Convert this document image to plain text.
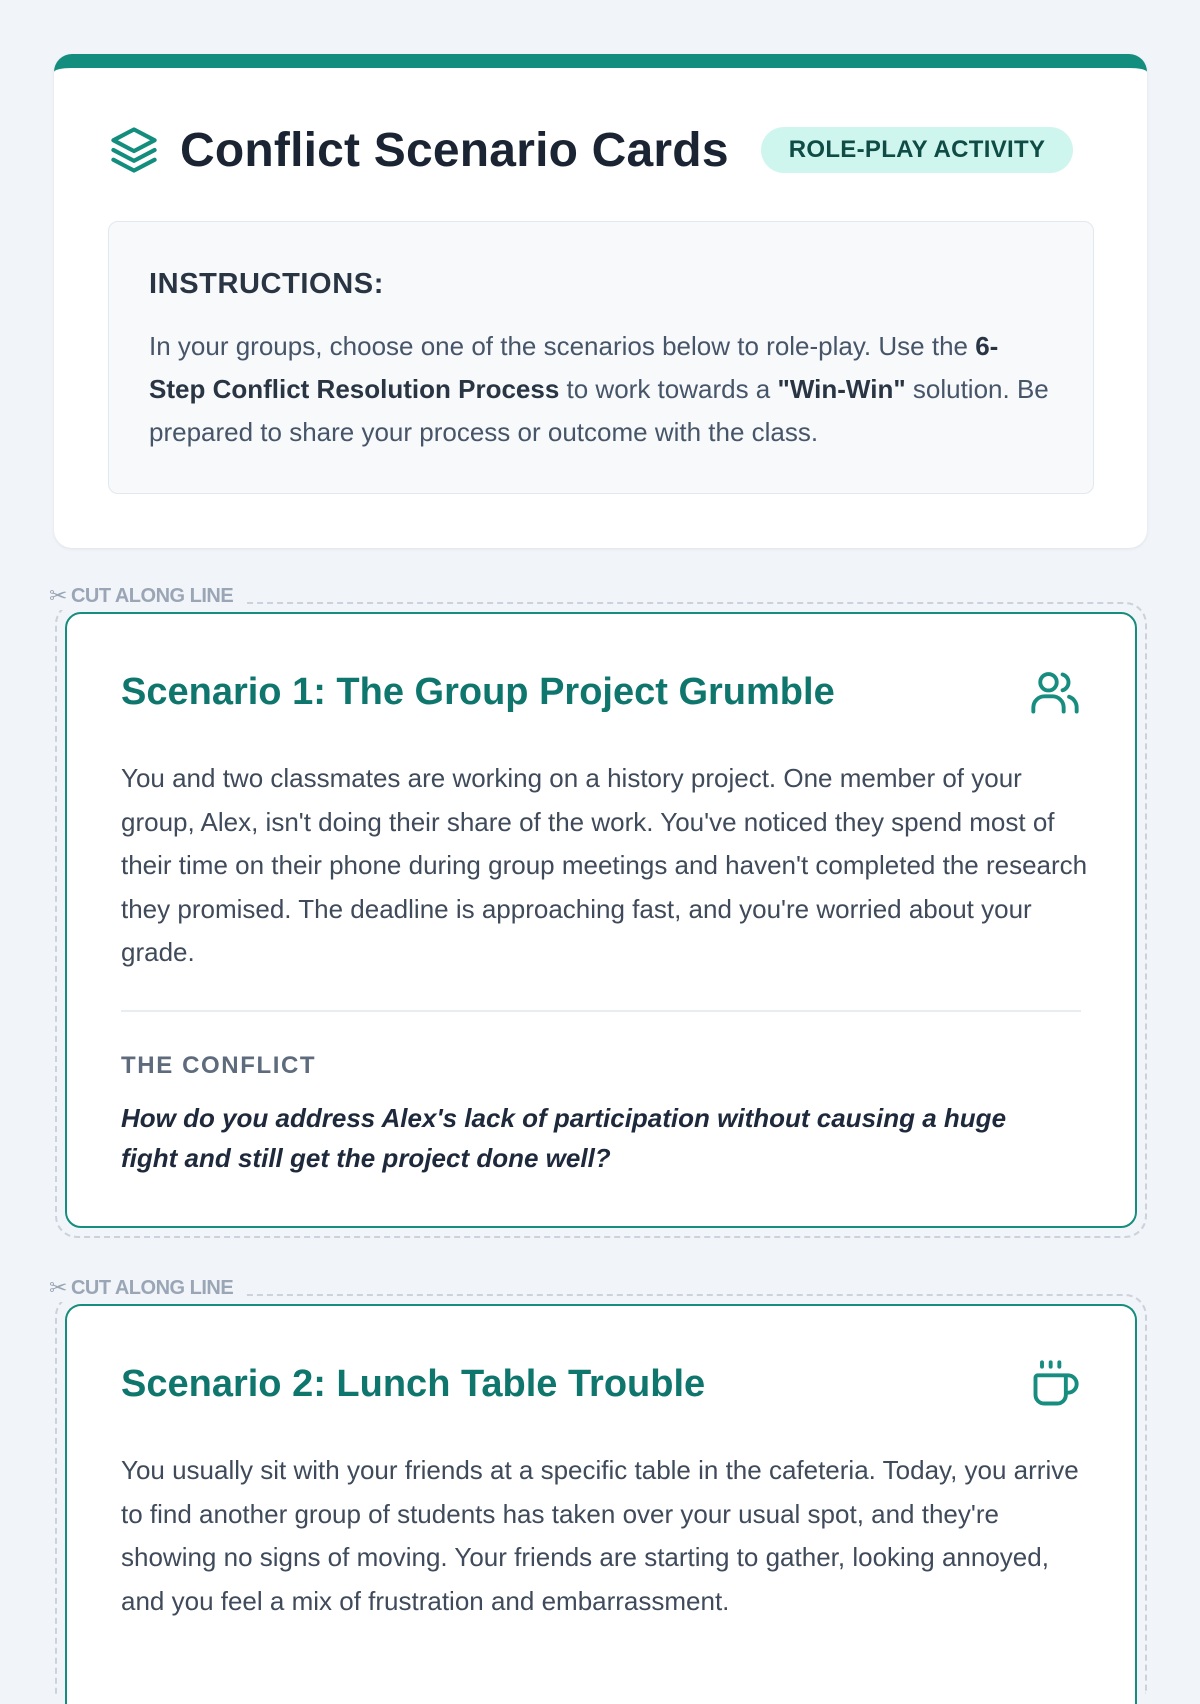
Conflict Scenario Cards	ROLE-PLAY ACTIVITY
INSTRUCTIONS:

In your groups, choose one of the scenarios below to role-play. Use the 6-Step Conflict Resolution Process to work towards a "Win-Win" solution. Be prepared to share your process or outcome with the class.

✂ CUT ALONG LINE
Scenario 1: The Group Project Grumble

You and two classmates are working on a history project. One member of your group, Alex, isn't doing their share of the work. You've noticed they spend most of their time on their phone during group meetings and haven't completed the research they promised. The deadline is approaching fast, and you're worried about your grade.

THE CONFLICT

How do you address Alex's lack of participation without causing a huge fight and still get the project done well?

✂ CUT ALONG LINE
Scenario 2: Lunch Table Trouble

You usually sit with your friends at a specific table in the cafeteria. Today, you arrive to find another group of students has taken over your usual spot, and they're showing no signs of moving. Your friends are starting to gather, looking annoyed, and you feel a mix of frustration and embarrassment.
